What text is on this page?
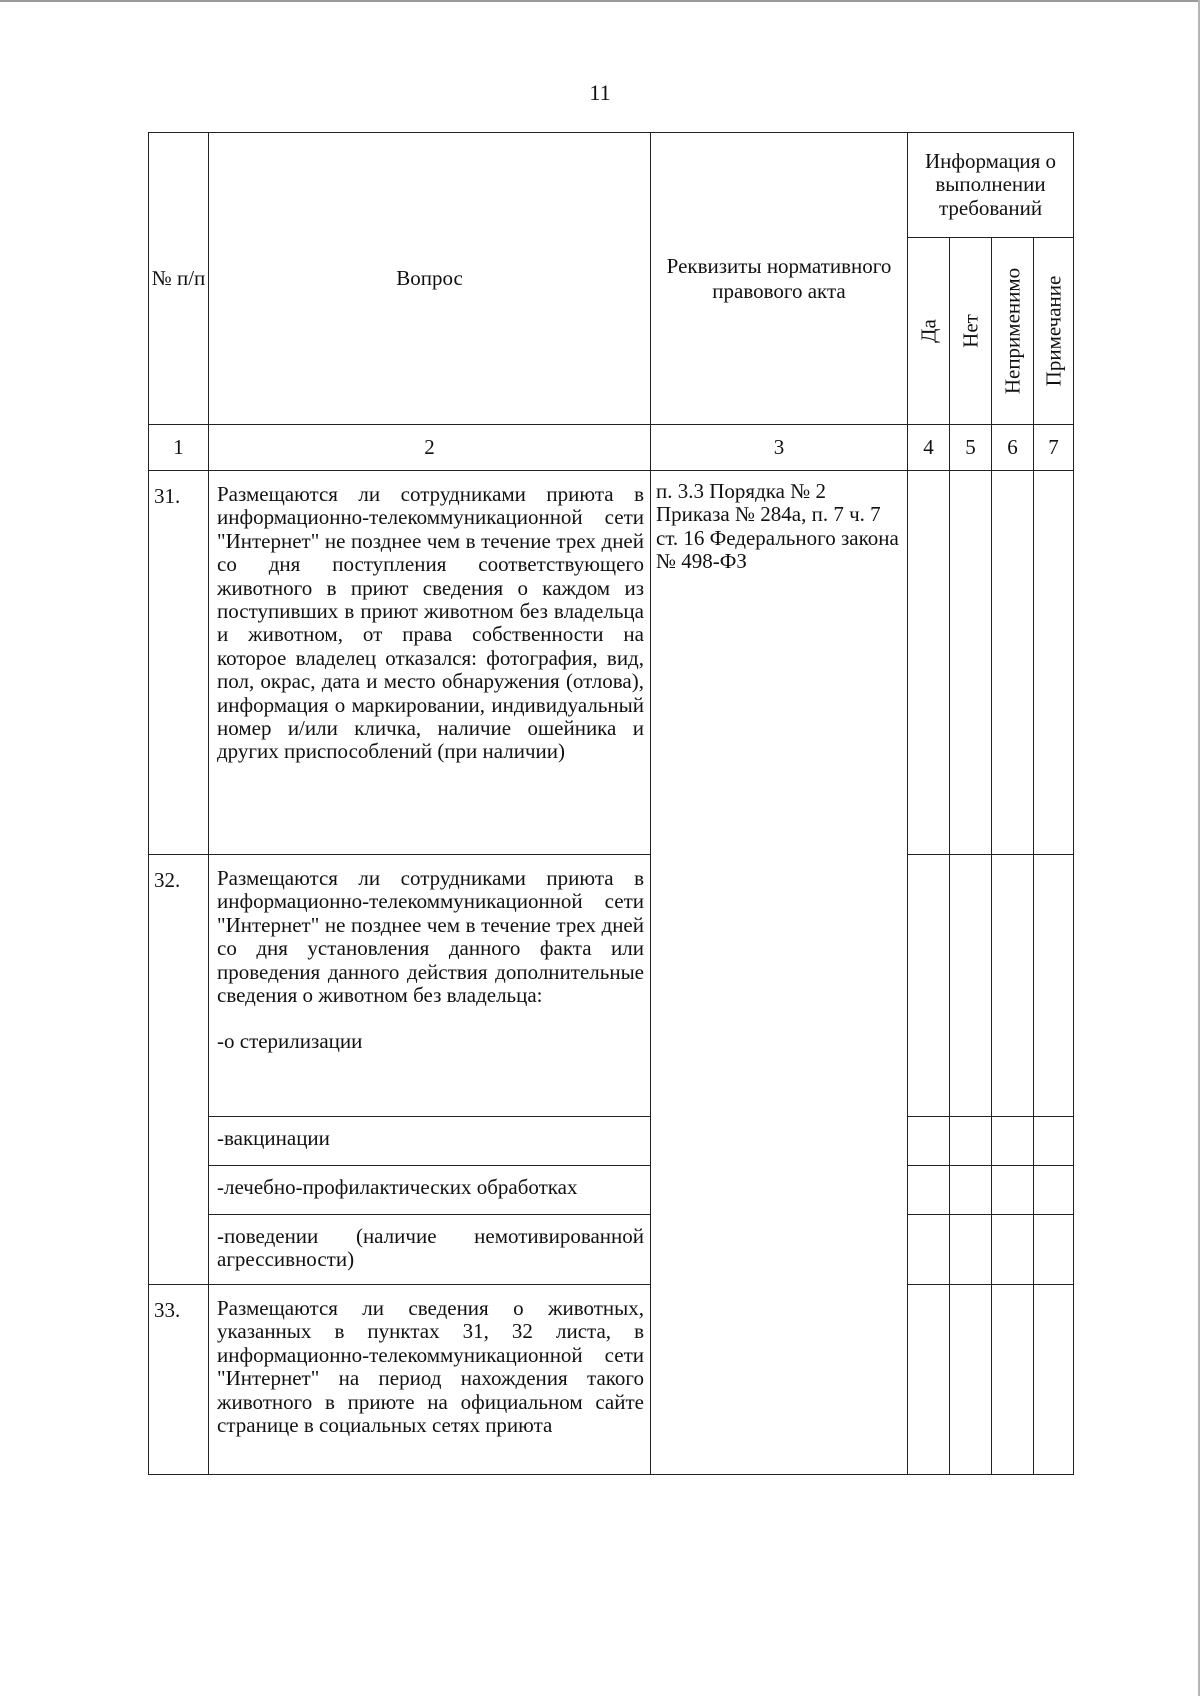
11
№ п/п	Вопрос	Реквизиты нормативного правового акта	Информация о выполнении требований			

			Да	Нет	Неприменимо	Примечание

1	2	3	4	5	6	7
31.	Размещаются ли сотрудниками приюта в информационно-телекоммуникационной сети "Интернет" не позднее чем в течение трех дней со дня поступления соответствующего животного в приют сведения о каждом из поступивших в приют животном без владельца и животном, от права собственности на которое владелец отказался: фотография, вид, пол, окрас, дата и место обнаружения (отлова), информация о маркировании, индивидуальный номер и/или кличка, наличие ошейника и других приспособлений (при наличии)	п. 3.3 Порядка № 2 Приказа № 284а, п. 7 ч. 7 ст. 16 Федерального закона № 498-ФЗ				
32.	Размещаются ли сотрудниками приюта в информационно-телекоммуникационной сети "Интернет" не позднее чем в течение трех дней со дня установления данного факта или проведения данного действия дополнительные сведения о животном без владельца:

-о стерилизации					

	-вакцинации					
	-лечебно-профилактических обработках					
	-поведении (наличие немотивированной агрессивности)					
33.	Размещаются ли сведения о животных, указанных в пунктах 31, 32 листа, в информационно-телекоммуникационной сети "Интернет" на период нахождения такого животного в приюте на официальном сайте странице в социальных сетях приюта					
